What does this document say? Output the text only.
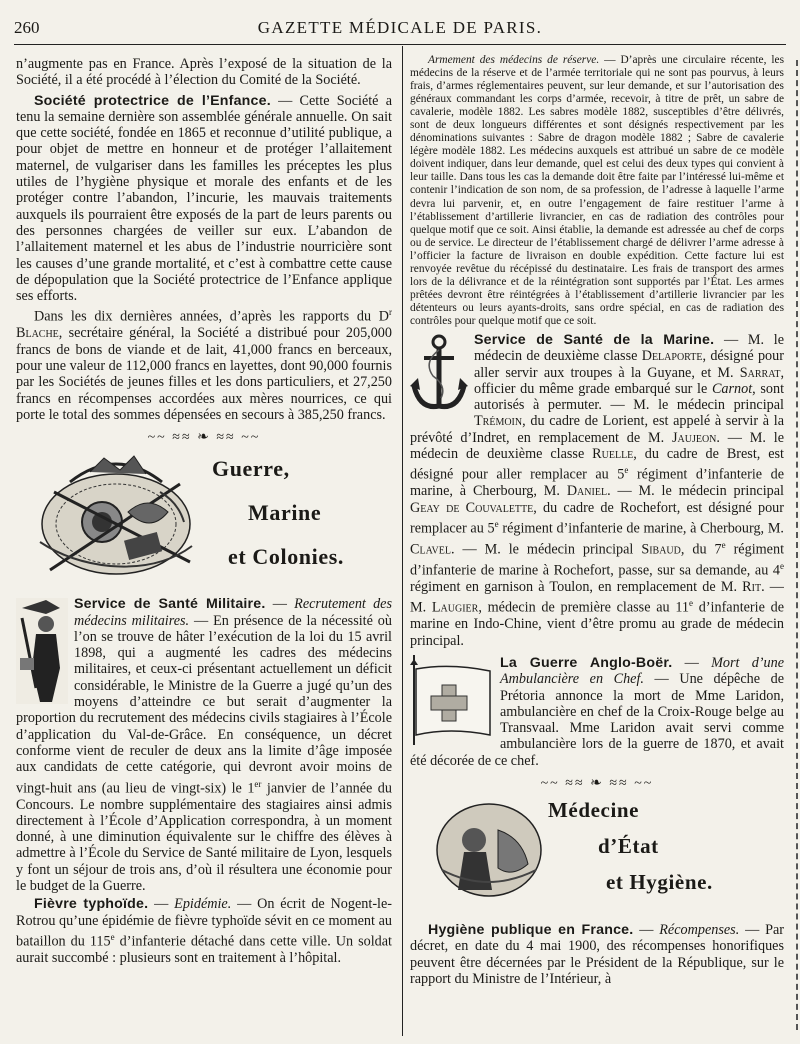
260	GAZETTE MÉDICALE DE PARIS.

n’augmente pas en France. Après l’exposé de la situation de la Société, il a été procédé à l’élection du Comité de la Société.

Société protectrice de l’Enfance. — Cette Société a tenu la semaine dernière son assemblée générale annuelle. On sait que cette société, fondée en 1865 et reconnue d’utilité publique, a pour objet de mettre en honneur et de protéger l’allaitement maternel, de vulgariser dans les familles les préceptes les plus utiles de l’hygiène physique et morale des enfants et de les protéger contre l’abandon, l’incurie, les mauvais traitements auxquels ils pourraient être exposés de la part de leurs parents ou des personnes chargées de veiller sur eux. L’abandon de l’allaitement maternel et les abus de l’industrie nourricière sont les causes d’une grande mortalité, et c’est à combattre cette cause de dépopulation que la Société protectrice de l’Enfance applique ses efforts.

Dans les dix dernières années, d’après les rapports du $D^r$ Blache, secrétaire général, la Société a distribué pour 205,000 francs de bons de viande et de lait, 41,000 francs en berceaux, pour une valeur de 112,000 francs en layettes, dont 90,000 fournis par les Sociétés de jeunes filles et les dons particuliers, et 27,250 francs en récompenses accordées aux mères nourrices, ce qui porte le total des sommes dépensées en secours à 385,250 francs.

~~ ≈≈ ❧ ≈≈ ~~
Guerre,
Marine
et Colonies.

Service de Santé Militaire. — Recrutement des médecins militaires. — En présence de la nécessité où l’on se trouve de hâter l’exécution de la loi du 15 avril 1898, qui a augmenté les cadres des médecins militaires, et ceux-ci présentant actuellement un déficit considérable, le Ministre de la Guerre a jugé qu’un des moyens d’atteindre ce but serait d’augmenter la proportion du recrutement des médecins civils stagiaires à l’École d’application du Val-de-Grâce. En conséquence, un décret conforme vient de reculer de deux ans la limite d’âge imposée aux candidats de cette catégorie, qui devront avoir moins de vingt-huit ans (au lieu de vingt-six) le 1er janvier de l’année du Concours. Le nombre supplémentaire des stagiaires ainsi admis directement à l’École d’Application correspondra, à un moment donné, à une diminution équivalente sur le chiffre des élèves à admettre à l’École du Service de Santé militaire de Lyon, lesquels y font un séjour de trois ans, d’où il résultera une économie pour le budget de la Guerre.

Fièvre typhoïde. — Epidémie. — On écrit de Nogent-le-Rotrou qu’une épidémie de fièvre typhoïde sévit en ce moment au bataillon du 115e d’infanterie détaché dans cette ville. Un soldat aurait succombé : plusieurs sont en traitement à l’hôpital.

Armement des médecins de réserve. — D’après une circulaire récente, les médecins de la réserve et de l’armée territoriale qui ne sont pas pourvus, à leurs frais, d’armes réglementaires peuvent, sur leur demande, et sur l’autorisation des généraux commandant les corps d’armée, recevoir, à titre de prêt, un sabre de cavalerie, modèle 1882. Les sabres modèle 1882, susceptibles d’être délivrés, sont de deux longueurs différentes et sont désignés respectivement par les dénominations suivantes : Sabre de dragon modèle 1882 ; Sabre de cavalerie légère modèle 1882. Les médecins auxquels est attribué un sabre de ce modèle doivent indiquer, dans leur demande, quel est celui des deux types qui convient à leur taille. Dans tous les cas la demande doit être faite par l’intéressé lui-même et contenir l’indication de son nom, de sa profession, de l’adresse à laquelle l’arme devra lui parvenir, et, en outre l’engagement de faire restituer l’arme à l’établissement d’artillerie livrancier, en cas de radiation des contrôles pour quelque motif que ce soit. Ainsi établie, la demande est adressée au chef de corps ou de service. Le directeur de l’établissement chargé de délivrer l’arme adresse à l’officier la facture de livraison en double expédition. Cette facture lui est renvoyée revêtue du récépissé du destinataire. Les frais de transport des armes lors de la délivrance et de la réintégration sont supportés par l’État. Les armes prêtées devront être réintégrées à l’établissement d’artillerie livrancier par les détenteurs ou leurs ayants-droits, sans ordre spécial, en cas de radiation des contrôles pour quelque motif que ce soit.

Service de Santé de la Marine. — M. le médecin de deuxième classe Delaporte, désigné pour aller servir aux troupes à la Guyane, et M. Sarrat, officier du même grade embarqué sur le Carnot, sont autorisés à permuter. — M. le médecin principal Trémoin, du cadre de Lorient, est appelé à servir à la prévôté d’Indret, en remplacement de M. Jaujeon. — M. le médecin de deuxième classe Ruelle, du cadre de Brest, est désigné pour aller remplacer au 5e régiment d’infanterie de marine, à Cherbourg, M. Daniel. — M. le médecin principal Geay de Couvalette, du cadre de Rochefort, est désigné pour remplacer au 5e régiment d’infanterie de marine, à Cherbourg, M. Clavel. — M. le médecin principal Sibaud, du 7e régiment d’infanterie de marine à Rochefort, passe, sur sa demande, au 4e régiment en garnison à Toulon, en remplacement de M. Rit. — M. Laugier, médecin de première classe au 11e d’infanterie de marine en Indo-Chine, vient d’être promu au grade de médecin principal.

La Guerre Anglo-Boër. — Mort d’une Ambulancière en Chef. — Une dépêche de Prétoria annonce la mort de Mme Laridon, ambulancière en chef de la Croix-Rouge belge au Transvaal. Mme Laridon avait servi comme ambulancière lors de la guerre de 1870, et avait été décorée de ce chef.

~~ ≈≈ ❧ ≈≈ ~~
Médecine
d’État
et Hygiène.

Hygiène publique en France. — Récompenses. — Par décret, en date du 4 mai 1900, des récompenses honorifiques peuvent être décernées par le Président de la République, sur le rapport du Ministre de l’Intérieur, à
